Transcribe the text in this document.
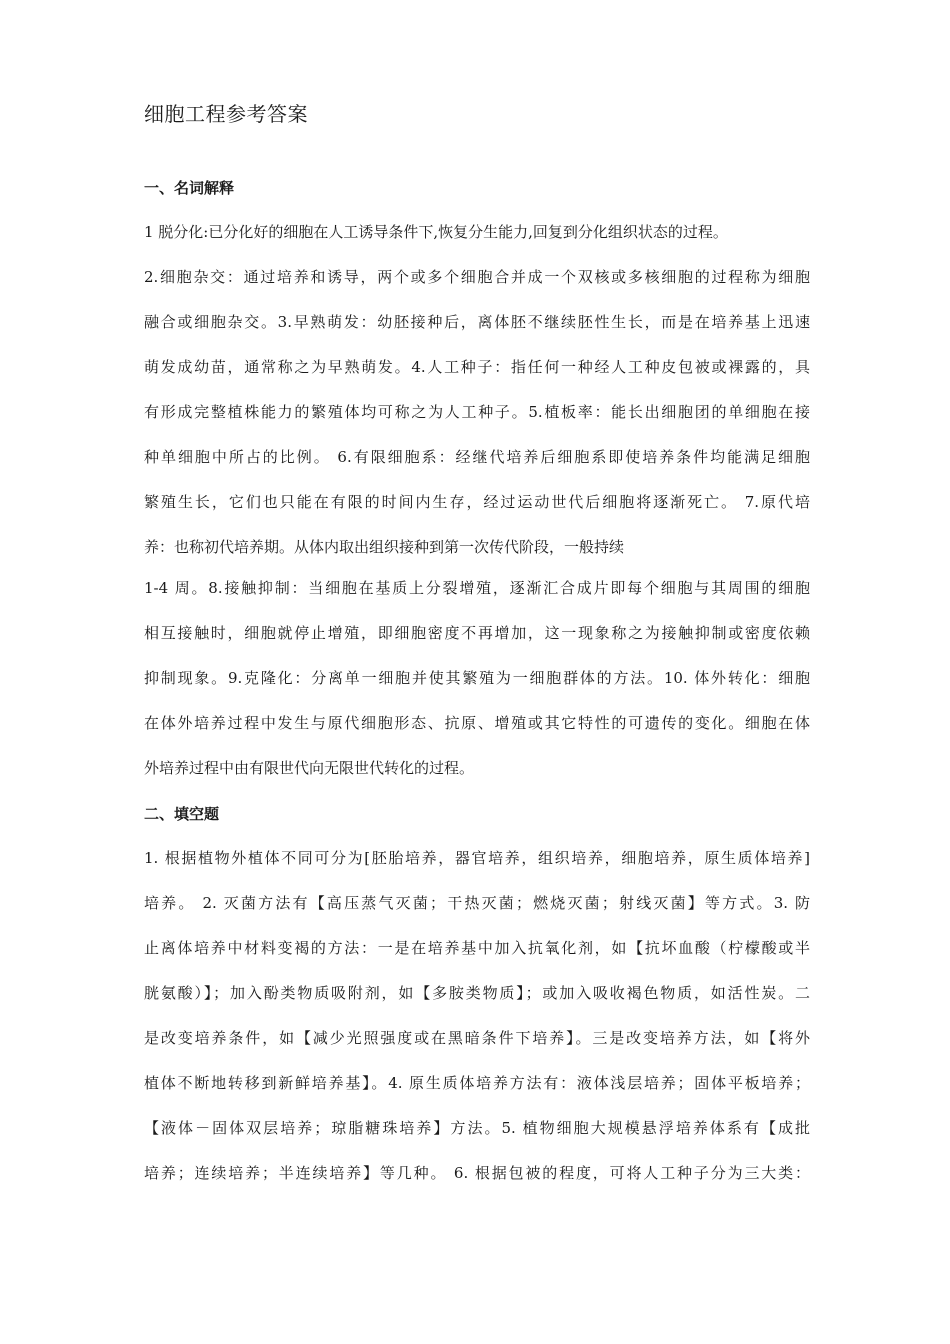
细胞工程参考答案
一、名词解释
1 脱分化:已分化好的细胞在人工诱导条件下,恢复分生能力,回复到分化组织状态的过程。
2.细胞杂交：通过培养和诱导，两个或多个细胞合并成一个双核或多核细胞的过程称为细胞
融合或细胞杂交。3.早熟萌发：幼胚接种后，离体胚不继续胚性生长，而是在培养基上迅速
萌发成幼苗，通常称之为早熟萌发。4.人工种子：指任何一种经人工种皮包被或裸露的，具
有形成完整植株能力的繁殖体均可称之为人工种子。5.植板率：能长出细胞团的单细胞在接
种单细胞中所占的比例。 6.有限细胞系：经继代培养后细胞系即使培养条件均能满足细胞
繁殖生长，它们也只能在有限的时间内生存，经过运动世代后细胞将逐渐死亡。 7.原代培
养：也称初代培养期。从体内取出组织接种到第一次传代阶段，一般持续
1-4 周。8.接触抑制：当细胞在基质上分裂增殖，逐渐汇合成片即每个细胞与其周围的细胞
相互接触时，细胞就停止增殖，即细胞密度不再增加，这一现象称之为接触抑制或密度依赖
抑制现象。9.克隆化：分离单一细胞并使其繁殖为一细胞群体的方法。10. 体外转化：细胞
在体外培养过程中发生与原代细胞形态、抗原、增殖或其它特性的可遗传的变化。细胞在体
外培养过程中由有限世代向无限世代转化的过程。
二、填空题
1. 根据植物外植体不同可分为[胚胎培养，器官培养，组织培养，细胞培养，原生质体培养]
培养。 2. 灭菌方法有【高压蒸气灭菌；干热灭菌；燃烧灭菌；射线灭菌】等方式。3. 防
止离体培养中材料变褐的方法：一是在培养基中加入抗氧化剂，如【抗坏血酸（柠檬酸或半
胱氨酸）】；加入酚类物质吸附剂，如【多胺类物质】；或加入吸收褐色物质，如活性炭。二
是改变培养条件，如【减少光照强度或在黑暗条件下培养】。三是改变培养方法，如【将外
植体不断地转移到新鲜培养基】。4. 原生质体培养方法有：液体浅层培养；固体平板培养；
【液体－固体双层培养；琼脂糖珠培养】方法。5. 植物细胞大规模悬浮培养体系有【成批
培养；连续培养；半连续培养】等几种。 6. 根据包被的程度，可将人工种子分为三大类：
